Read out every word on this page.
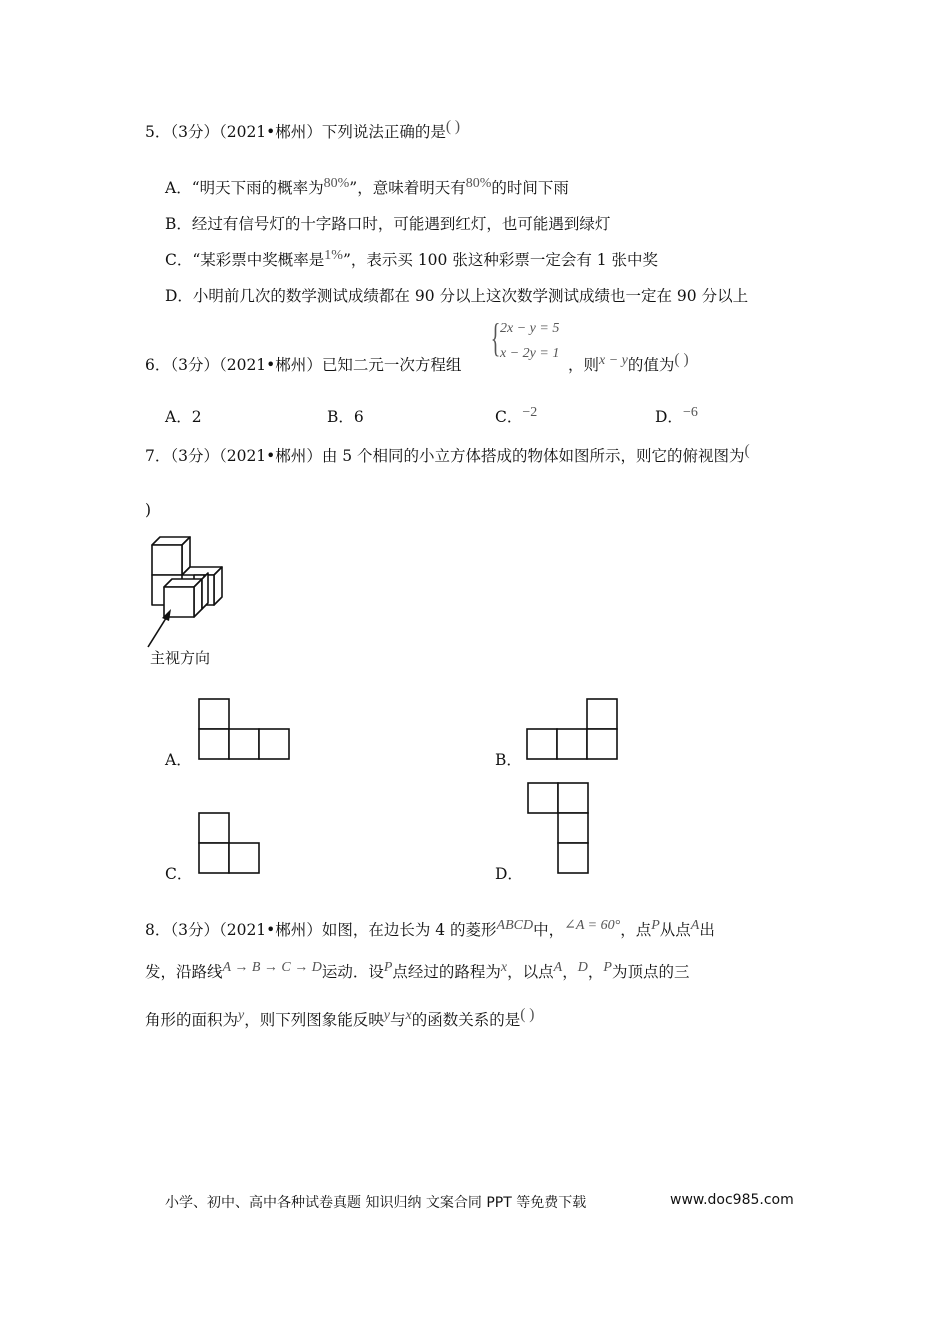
5．（3分）（2021•郴州）下列说法正确的是( )
A．“明天下雨的概率为80%”，意味着明天有80%的时间下雨
B．经过有信号灯的十字路口时，可能遇到红灯，也可能遇到绿灯
C．“某彩票中奖概率是1%”，表示买 100 张这种彩票一定会有 1 张中奖
D．小明前几次的数学测试成绩都在 90 分以上这次数学测试成绩也一定在 90 分以上
{ 2x − y = 5
x − 2y = 1
6．（3分）（2021•郴州）已知二元一次方程组	，则x − y的值为( )
A．2	B．6	C．−2	D．−6
7．（3分）（2021•郴州）由 5 个相同的小立方体搭成的物体如图所示，则它的俯视图为(
)
主视方向
A．	B．
C．	D．
8．（3分）（2021•郴州）如图，在边长为 4 的菱形ABCD中，∠A = 60°，点P从点A出
发，沿路线A → B → C → D运动．设P点经过的路程为x，以点A，D，P为顶点的三
角形的面积为y，则下列图象能反映y与x的函数关系的是( )
小学、初中、高中各种试卷真题 知识归纳 文案合同 PPT 等免费下载	www.doc985.com
